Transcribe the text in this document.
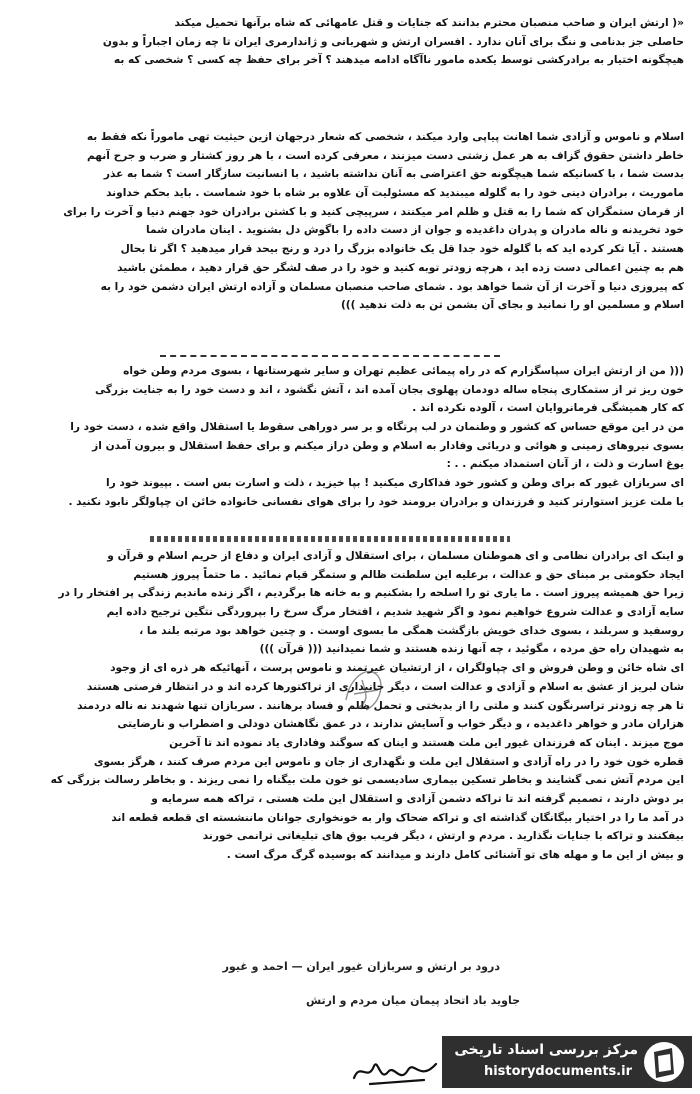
«( ارتش ایران و صاحب منصبان محترم بدانند که جنایات و قتل عامهائی که شاه برآنها تحمیل میکند
حاصلی جز بدنامی و ننگ برای آنان ندارد . افسران ارتش و شهربانی و ژاندارمری ایران تا چه زمان اجباراً و بدون
هیچگونه اختیار به برادرکشی توسط یکعده مامور ناآگاه ادامه میدهند ؟ آخر برای حفظ چه کسی ؟ شخصی که به
اسلام و ناموس و آزادی شما اهانت پیاپی وارد میکند ، شخصی که شعار درجهان ازین حیثیت تهی ماموراً نکه فقط به
خاطر داشتن حقوق گزاف به هر عمل زشتی دست میزنند ، معرفی کرده است ، با هر روز کشتار و ضرب و جرح آنهم
بدست شما ، با کسانیکه شما هیچگونه حق اعتراضی به آنان نداشته باشید ، با انسانیت سازگار است ؟ شما به عذر
ماموریت ، برادران دینی خود را به گلوله میبندید که مسئولیت آن علاوه بر شاه با خود شماست . باید بحکم خداوند
از فرمان ستمگران که شما را به قتل و ظلم امر میکنند ، سرپیچی کنید و با کشتن برادران خود جهنم دنیا و آخرت را برای
خود تخریدنه و ناله مادران و پدران داغدیده و جوان از دست داده را باگوش دل بشنوید . اینان مادران شما
هستند . آیا تکر کرده اید که با گلوله خود جدا قل یک خانواده بزرگ را درد و رنج بیحد قرار میدهید ؟ اگر تا بحال
هم به چنین اعمالی دست زده اید ، هرچه زودتر توبه کنید و خود را در صف لشگر حق قرار دهید ، مطمئن باشید
که پیروزی دنیا و آخرت از آن شما خواهد بود . شمای صاحب منصبان مسلمان و آزاده ارتش ایران دشمن خود را به
اسلام و مسلمین او را نمانید و بجای آن بشمن تن به ذلت ندهید )))
((( من از ارتش ایران سپاسگزارم که در راه پیمائی عظیم تهران و سایر شهرستانها ، بسوی مردم وطن خواه
خون ریز تر از ستمکاری پنجاه ساله دودمان پهلوی بجان آمده اند ، آتش نگشود ، اند و دست خود را به جنایت بزرگی
که کار همیشگی فرمانروایان است ، آلوده نکرده اند .
من در این موقع حساس که کشور و وطنمان در لب پرتگاه و بر سر دوراهی سقوط یا استقلال واقع شده ، دست خود را
بسوی نیروهای زمینی و هوائی و دریائی وفادار به اسلام و وطن دراز میکنم و برای حفظ استقلال و بیرون آمدن از
یوغ اسارت و ذلت ، از آنان استمداد میکنم . . :
ای سربازان غیور که برای وطن و کشور خود فداکاری میکنید ! بپا خیزید ، ذلت و اسارت بس است . بپیوند خود را
با ملت عزیز استوارتر کنید و فرزندان و برادران برومند خود را برای هوای نفسانی خانواده خائن ان چپاولگر نابود نکنید .
و اینک ای برادران نظامی و ای هموطنان مسلمان ، برای استقلال و آزادی ایران و دفاع از حریم اسلام و قرآن و
ایجاد حکومتی بر مبنای حق و عدالت ، برعلیه این سلطنت ظالم و ستمگر قیام نمائید . ما حتماً پیروز هستیم
زیرا حق همیشه پیروز است . ما یاری تو را اسلحه را بشکنیم و به خانه ها برگردیم ، اگر زنده ماندیم زندگی پر افتخار را در
سایه آزادی و عدالت شروع خواهیم نمود و اگر شهید شدیم ، افتخار مرگ سرخ را بپروردگی نتگین ترجیح داده ایم
روسفید و سربلند ، بسوی خدای خویش بازگشت همگی ما بسوی اوست . و چنین خواهد بود مرتبه بلند ما ،
به شهیدان راه حق مرده ، مگوئید ، چه آنها زنده هستند و شما نمیدانید ((( قرآن )))
ای شاه خائن و وطن فروش و ای چپاولگران ، از ارتشیان غیرتمند و ناموس پرست ، آنهائیکه هر ذره ای از وجود
شان لبریز از عشق به اسلام و آزادی و عدالت است ، دیگر جانبداری از تراکتورها کرده اند و در انتظار فرصتی هستند
تا هر چه زودتر تراسرنگون کنند و ملتی را از بدبختی و تحمل ظلم و فساد برهانند . سربازان تنها شهدند نه ناله دردمند
هزاران مادر و خواهر داغدیده ، و دیگر خواب و آسایش ندارند ، در عمق نگاهشان دودلی و اضطراب و نارضایتی
موج میزند . اینان که فرزندان غیور این ملت هستند و اینان که سوگند وفاداری یاد نموده اند تا آخرین
قطره خون خود را در راه آزادی و استقلال این ملت و نگهداری از جان و ناموس این مردم صرف کنند ، هرگز بسوی
این مردم آتش نمی گشایند و بخاطر تسکین بیماری سادیسمی تو خون ملت بیگناه را نمی ریزند . و بخاطر رسالت بزرگی که
بر دوش دارند ، تصمیم گرفته اند تا تراکه دشمن آزادی و استقلال این ملت هستی ، تراکه همه سرمایه و
در آمد ما را در اختیار بیگانگان گذاشته ای و تراکه ضحاک وار به خونخواری جوانان ماننشسته ای قطعه قطعه اند
بیفکنند و تراکه با جنایات نگذارید . مردم و ارتش ، دیگر فریب بوق های تبلیغاتی ترانمی خورند
و بیش از این ما و مهله های تو آشنائی کامل دارند و میدانند که بوسیده گرگ مرگ است .
درود بر ارتش و سربازان غیور ایران — احمد و غیور
جاوید باد اتحاد پیمان میان مردم و ارتش
مرکز بررسی اسناد تاریخی
historydocuments.ir
